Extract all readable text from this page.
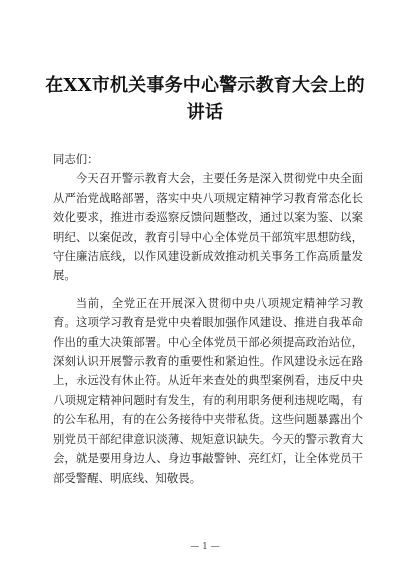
在XX市机关事务中心警示教育大会上的讲话

同志们：

今天召开警示教育大会，主要任务是深入贯彻党中央全面从严治党战略部署，落实中央八项规定精神学习教育常态化长效化要求，推进市委巡察反馈问题整改，通过以案为鉴、以案明纪、以案促改，教育引导中心全体党员干部筑牢思想防线，守住廉洁底线，以作风建设新成效推动机关事务工作高质量发展。

当前，全党正在开展深入贯彻中央八项规定精神学习教育。这项学习教育是党中央着眼加强作风建设、推进自我革命作出的重大决策部署。中心全体党员干部必须提高政治站位，深刻认识开展警示教育的重要性和紧迫性。作风建设永远在路上，永远没有休止符。从近年来查处的典型案例看，违反中央八项规定精神问题时有发生，有的利用职务便利违规吃喝，有的公车私用，有的在公务接待中夹带私货。这些问题暴露出个别党员干部纪律意识淡薄、规矩意识缺失。今天的警示教育大会，就是要用身边人、身边事敲警钟、亮红灯，让全体党员干部受警醒、明底线、知敬畏。

— 1 —
